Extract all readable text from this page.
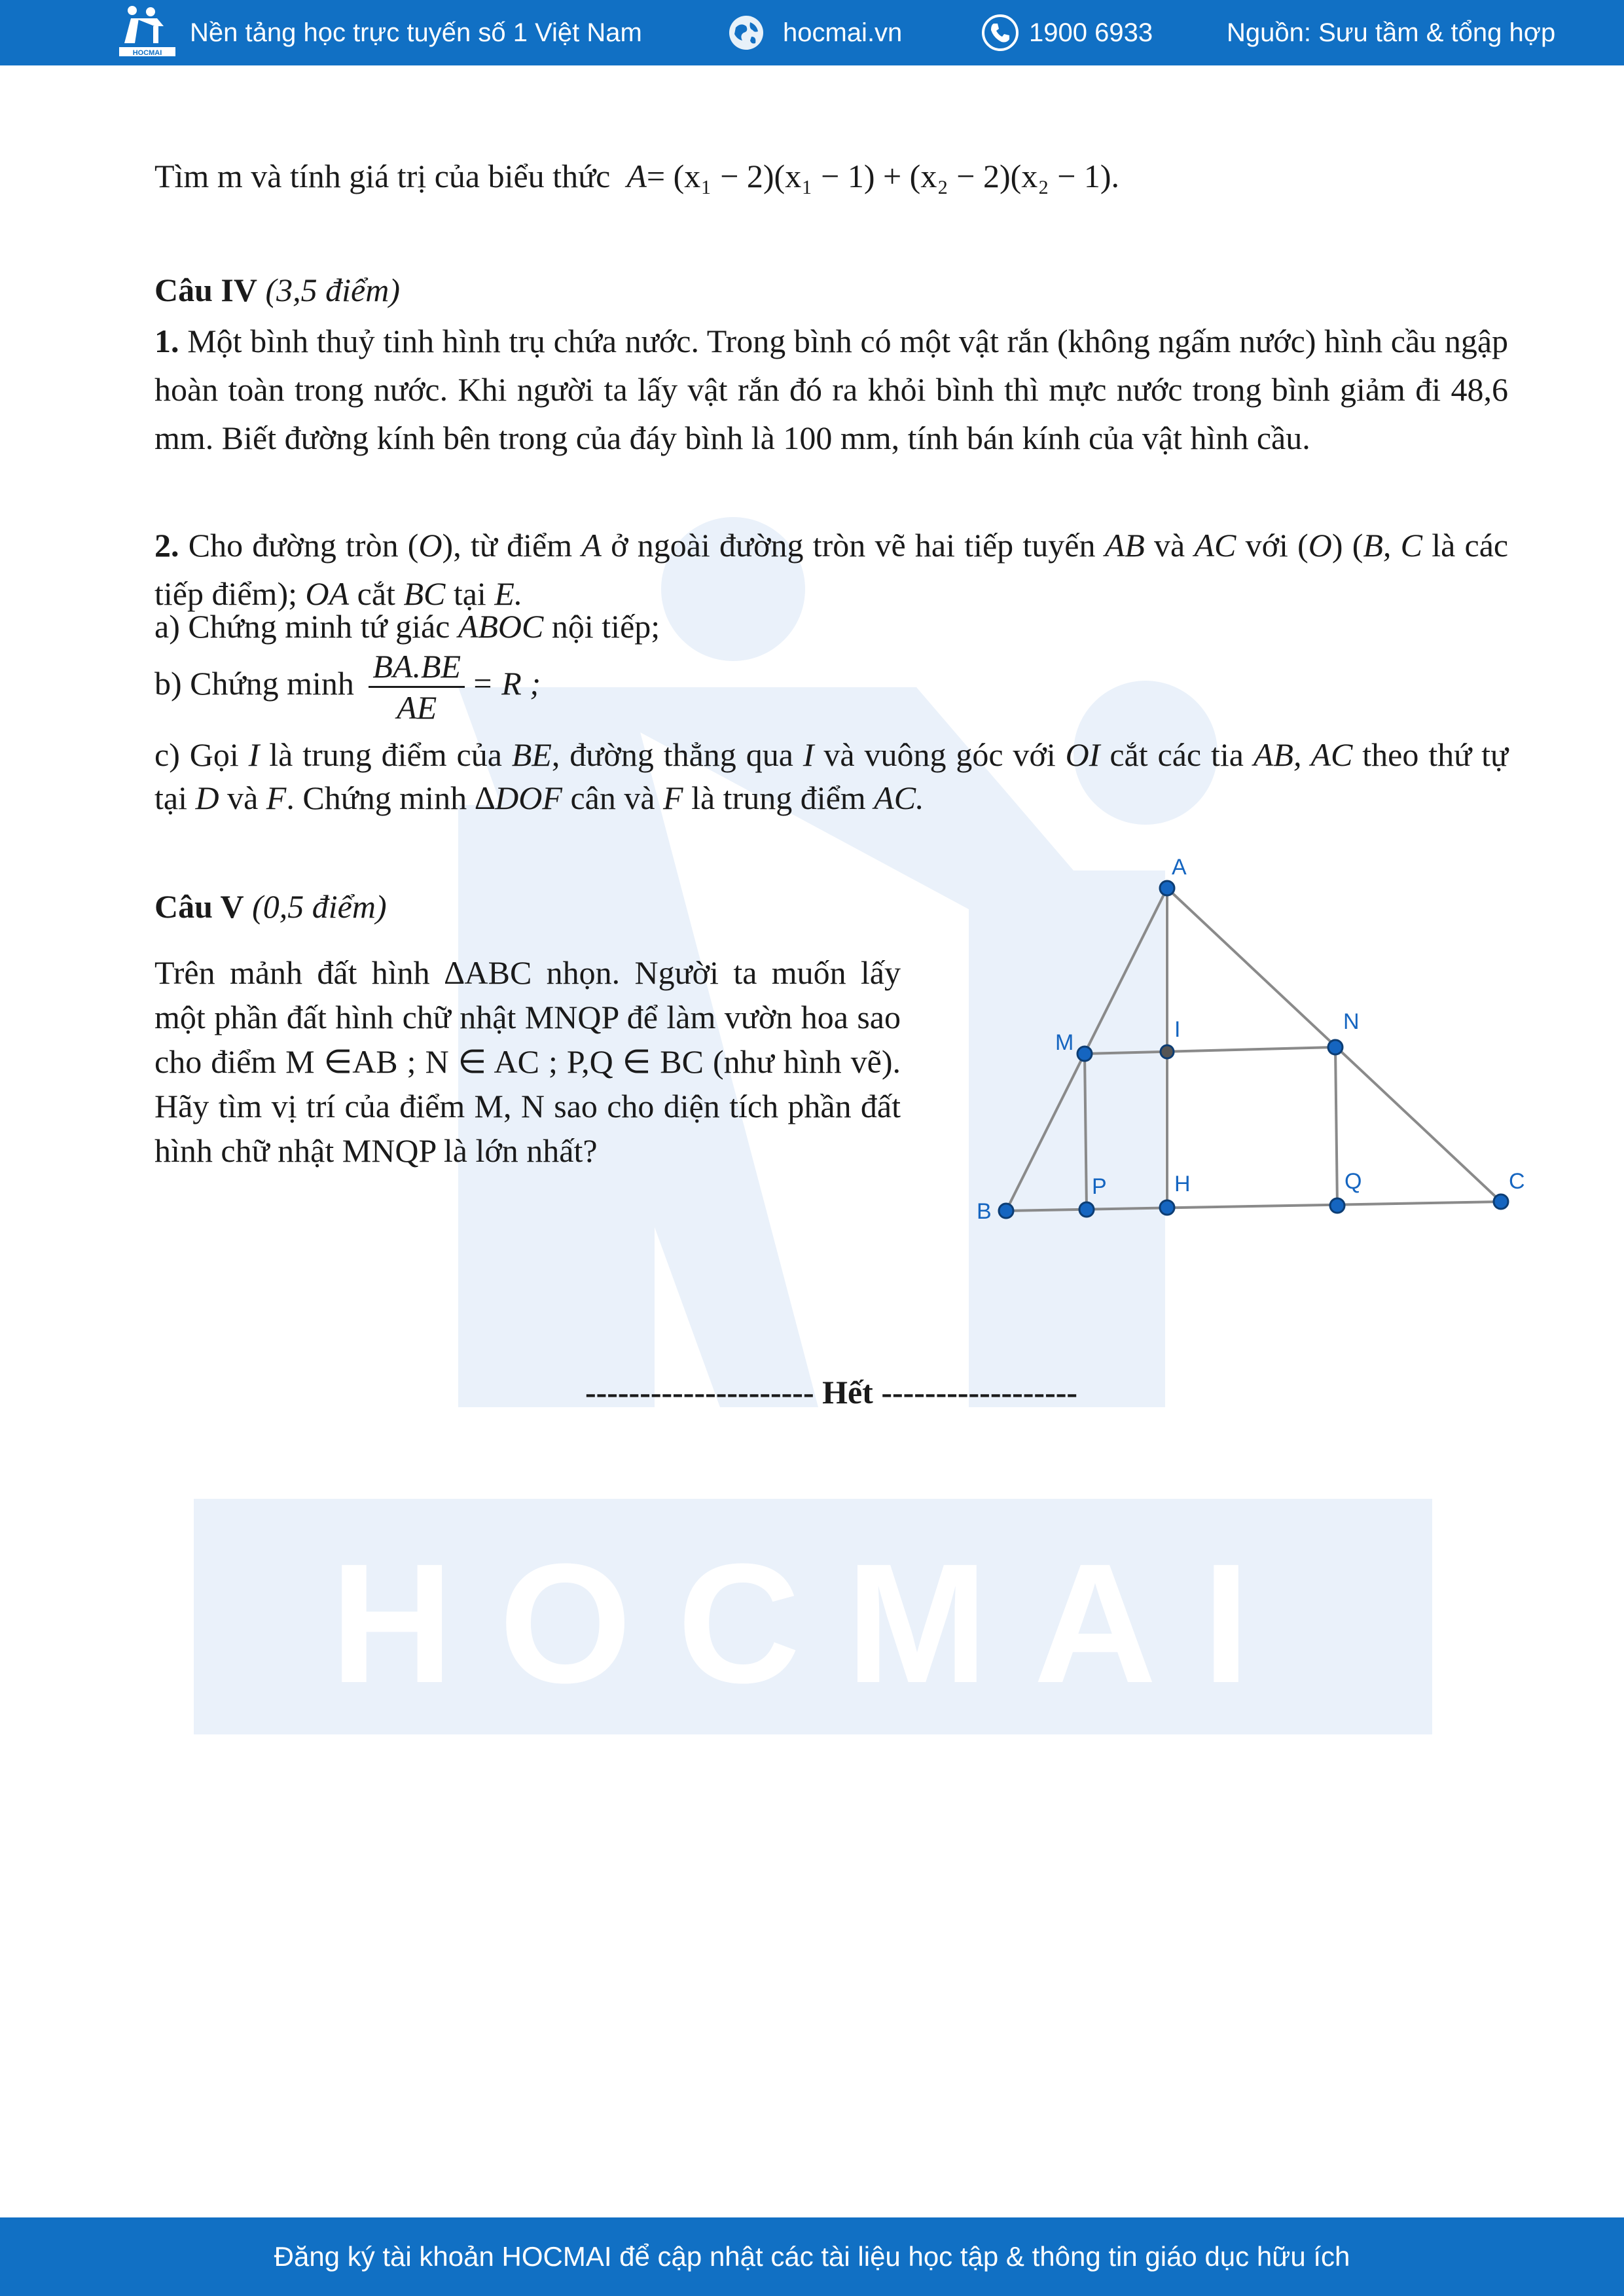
HOCMAI
HOCMAI
Nền tảng học trực tuyến số 1 Việt Nam	hocmai.vn	1900 6933	Nguồn: Sưu tầm & tổng hợp
Tìm m và tính giá trị của biểu thức A= (x₁ − 2)(x₁ − 1) + (x₂ − 2)(x₂ − 1).
Câu IV (3,5 điểm)
1. Một bình thuỷ tinh hình trụ chứa nước. Trong bình có một vật rắn (không ngấm nước) hình cầu ngập hoàn toàn trong nước. Khi người ta lấy vật rắn đó ra khỏi bình thì mực nước trong bình giảm đi 48,6 mm. Biết đường kính bên trong của đáy bình là 100 mm, tính bán kính của vật hình cầu.
2. Cho đường tròn (O), từ điểm A ở ngoài đường tròn vẽ hai tiếp tuyến AB và AC với (O) (B, C là các tiếp điểm); OA cắt BC tại E.
a) Chứng minh tứ giác ABOC nội tiếp;
b) Chứng minh $\frac{BA.BE}{AE} = R$ ;
c) Gọi I là trung điểm của BE, đường thẳng qua I và vuông góc với OI cắt các tia AB, AC theo thứ tự tại D và F. Chứng minh ∆DOF cân và F là trung điểm AC.
Câu V (0,5 điểm)
Trên mảnh đất hình ∆ABC nhọn. Người ta muốn lấy một phần đất hình chữ nhật MNQP để làm vườn hoa sao cho điểm M ∈AB ; N ∈ AC ; P,Q ∈ BC (như hình vẽ). Hãy tìm vị trí của điểm M, N sao cho diện tích phần đất hình chữ nhật MNQP là lớn nhất?
--------------------- Hết ------------------
A
B
C
M
N
I
P	H	Q
Đăng ký tài khoản HOCMAI để cập nhật các tài liệu học tập & thông tin giáo dục hữu ích
